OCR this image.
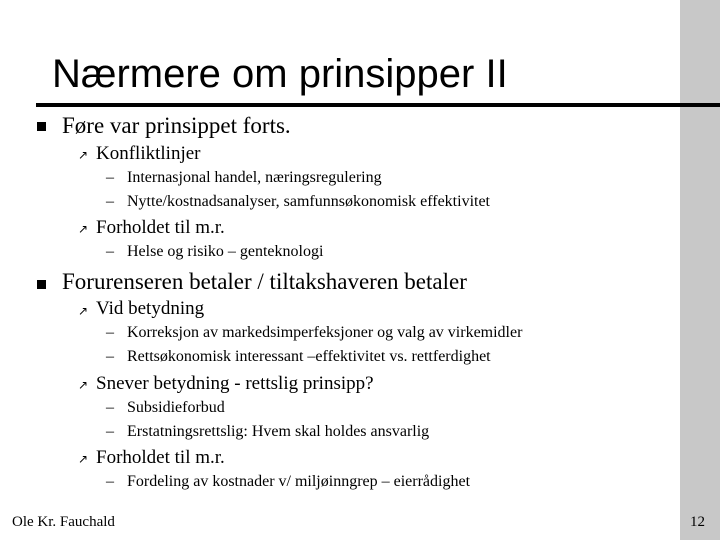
Nærmere om prinsipper II
Føre var prinsippet forts.
↗ Konfliktlinjer
– Internasjonal handel, næringsregulering
– Nytte/kostnadsanalyser, samfunnsøkonomisk effektivitet
↗ Forholdet til m.r.
– Helse og risiko – genteknologi
Forurenseren betaler / tiltakshaveren betaler
↗ Vid betydning
– Korreksjon av markedsimperfeksjoner og valg av virkemidler
– Rettsøkonomisk interessant –effektivitet vs. rettferdighet
↗ Snever betydning - rettslig prinsipp?
– Subsidieforbud
– Erstatningsrettslig: Hvem skal holdes ansvarlig
↗ Forholdet til m.r.
– Fordeling av kostnader v/ miljøinngrep – eierrådighet
Ole Kr. Fauchald	12
